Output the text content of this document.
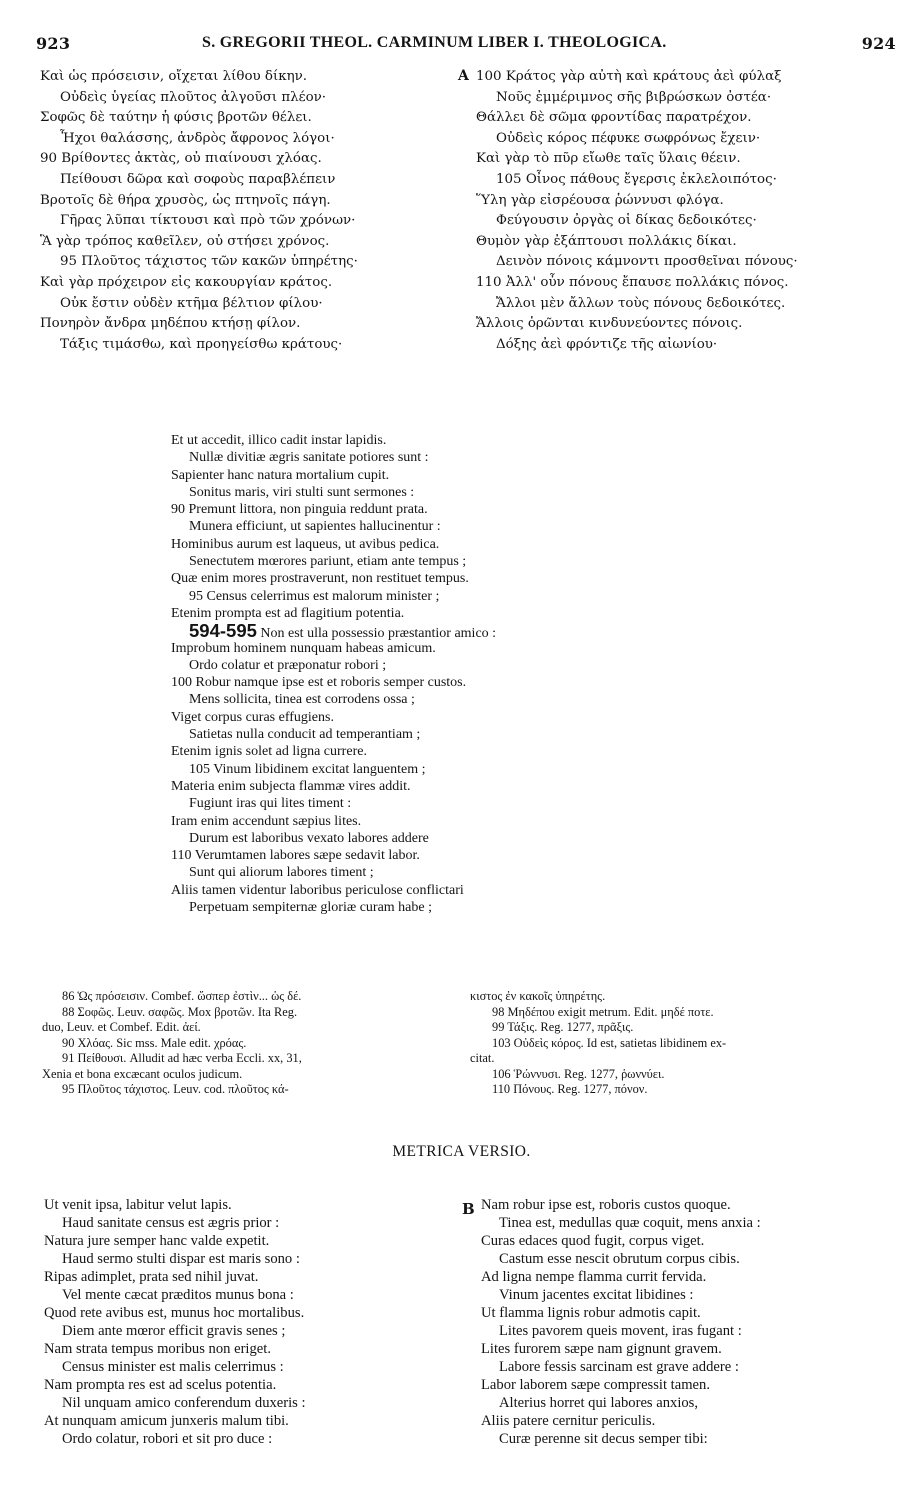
923	S. GREGORII THEOL. CARMINUM LIBER I. THEOLOGICA.	924
Καὶ ὡς πρόσεισιν, οἴχεται λίθου δίκην.
Οὐδεὶς ὑγείας πλοῦτος ἀλγοῦσι πλέον·
Σοφῶς δὲ ταύτην ἡ φύσις βροτῶν θέλει.
Ἦχοι θαλάσσης, ἀνδρὸς ἄφρονος λόγοι·
90 Βρίθοντες ἀκτὰς, οὐ πιαίνουσι χλόας.
Πείθουσι δῶρα καὶ σοφοὺς παραβλέπειν
Βροτοῖς δὲ θήρα χρυσὸς, ὡς πτηνοῖς πάγη.
Γῆρας λῦπαι τίκτουσι καὶ πρὸ τῶν χρόνων·
Ἃ γὰρ τρόπος καθεῖλεν, οὐ στήσει χρόνος.
95 Πλοῦτος τάχιστος τῶν κακῶν ὑπηρέτης·
Καὶ γὰρ πρόχειρον εἰς κακουργίαν κράτος.
Οὐκ ἔστιν οὐδὲν κτῆμα βέλτιον φίλου·
Πονηρὸν ἄνδρα μηδέπου κτήσῃ φίλον.
Τάξις τιμάσθω, καὶ προηγείσθω κράτους·
A 100 Κράτος γὰρ αὐτὴ καὶ κράτους ἀεὶ φύλαξ
Νοῦς ἐμμέριμνος σῆς βιβρώσκων ὀστέα·
Θάλλει δὲ σῶμα φροντίδας παρατρέχον.
Οὐδεὶς κόρος πέφυκε σωφρόνως ἔχειν·
Καὶ γὰρ τὸ πῦρ εἴωθε ταῖς ὕλαις θέειν.
105 Οἶνος πάθους ἔγερσις ἐκλελοιπότος·
Ὕλη γὰρ εἰσρέουσα ῥώννυσι φλόγα.
Φεύγουσιν ὀργὰς οἱ δίκας δεδοικότες·
Θυμὸν γὰρ ἐξάπτουσι πολλάκις δίκαι.
Δεινὸν πόνοις κάμνοντι προσθεῖναι πόνους·
110 Ἀλλ' οὖν πόνους ἔπαυσε πολλάκις πόνος.
Ἄλλοι μὲν ἄλλων τοὺς πόνους δεδοικότες.
Ἄλλοις ὁρῶνται κινδυνεύοντες πόνοις.
Δόξης ἀεὶ φρόντιζε τῆς αἰωνίου·
Et ut accedit, illico cadit instar lapidis.
Nullæ divitiæ ægris sanitate potiores sunt :
Sapienter hanc natura mortalium cupit.
Sonitus maris, viri stulti sunt sermones :
90 Premunt littora, non pinguia reddunt prata.
Munera efficiunt, ut sapientes hallucinentur :
Hominibus aurum est laqueus, ut avibus pedica.
Senectutem mœrores pariunt, etiam ante tempus ;
Quæ enim mores prostraverunt, non restituet tempus.
95 Census celerrimus est malorum minister ;
Etenim prompta est ad flagitium potentia.
594-595 Non est ulla possessio præstantior amico :
Improbum hominem nunquam habeas amicum.
Ordo colatur et præponatur robori ;
100 Robur namque ipse est et roboris semper custos.
Mens sollicita, tinea est corrodens ossa ;
Viget corpus curas effugiens.
Satietas nulla conducit ad temperantiam ;
Etenim ignis solet ad ligna currere.
105 Vinum libidinem excitat languentem ;
Materia enim subjecta flammæ vires addit.
Fugiunt iras qui lites timent :
Iram enim accendunt sæpius lites.
Durum est laboribus vexato labores addere
110 Verumtamen labores sæpe sedavit labor.
Sunt qui aliorum labores timent ;
Aliis tamen videntur laboribus periculose conflictari
Perpetuam sempiternæ gloriæ curam habe ;
86 Ὡς πρόσεισιν. Combef. ὥσπερ ἐστὶν... ὡς δέ.
88 Σοφῶς. Leuv. σαφῶς. Mox βροτῶν. Ita Reg.
duo, Leuv. et Combef. Edit. ἀεί.
90 Χλόας. Sic mss. Male edit. χρόας.
91 Πείθουσι. Alludit ad hæc verba Eccli. xx, 31,
Xenia et bona excæcant oculos judicum.
95 Πλοῦτος τάχιστος. Leuv. cod. πλοῦτος κά-
κιστος ἐν κακοῖς ὑπηρέτης.
98 Μηδέπου exigit metrum. Edit. μηδέ ποτε.
99 Τάξις. Reg. 1277, πρᾶξις.
103 Οὐδεὶς κόρος. Id est, satietas libidinem ex-
citat.
106 Ῥώννυσι. Reg. 1277, ῥωννύει.
110 Πόνους. Reg. 1277, πόνον.
METRICA VERSIO.
Ut venit ipsa, labitur velut lapis.
Haud sanitate census est ægris prior :
Natura jure semper hanc valde expetit.
Haud sermo stulti dispar est maris sono :
Ripas adimplet, prata sed nihil juvat.
Vel mente cæcat præditos munus bona :
Quod rete avibus est, munus hoc mortalibus.
Diem ante mœror efficit gravis senes ;
Nam strata tempus moribus non eriget.
Census minister est malis celerrimus :
Nam prompta res est ad scelus potentia.
Nil unquam amico conferendum duxeris :
At nunquam amicum junxeris malum tibi.
Ordo colatur, robori et sit pro duce :
B Nam robur ipse est, roboris custos quoque.
Tinea est, medullas quæ coquit, mens anxia :
Curas edaces quod fugit, corpus viget.
Castum esse nescit obrutum corpus cibis.
Ad ligna nempe flamma currit fervida.
Vinum jacentes excitat libidines :
Ut flamma lignis robur admotis capit.
Lites pavorem queis movent, iras fugant :
Lites furorem sæpe nam gignunt gravem.
Labore fessis sarcinam est grave addere :
Labor laborem sæpe compressit tamen.
Alterius horret qui labores anxios,
Aliis patere cernitur periculis.
Curæ perenne sit decus semper tibi:
